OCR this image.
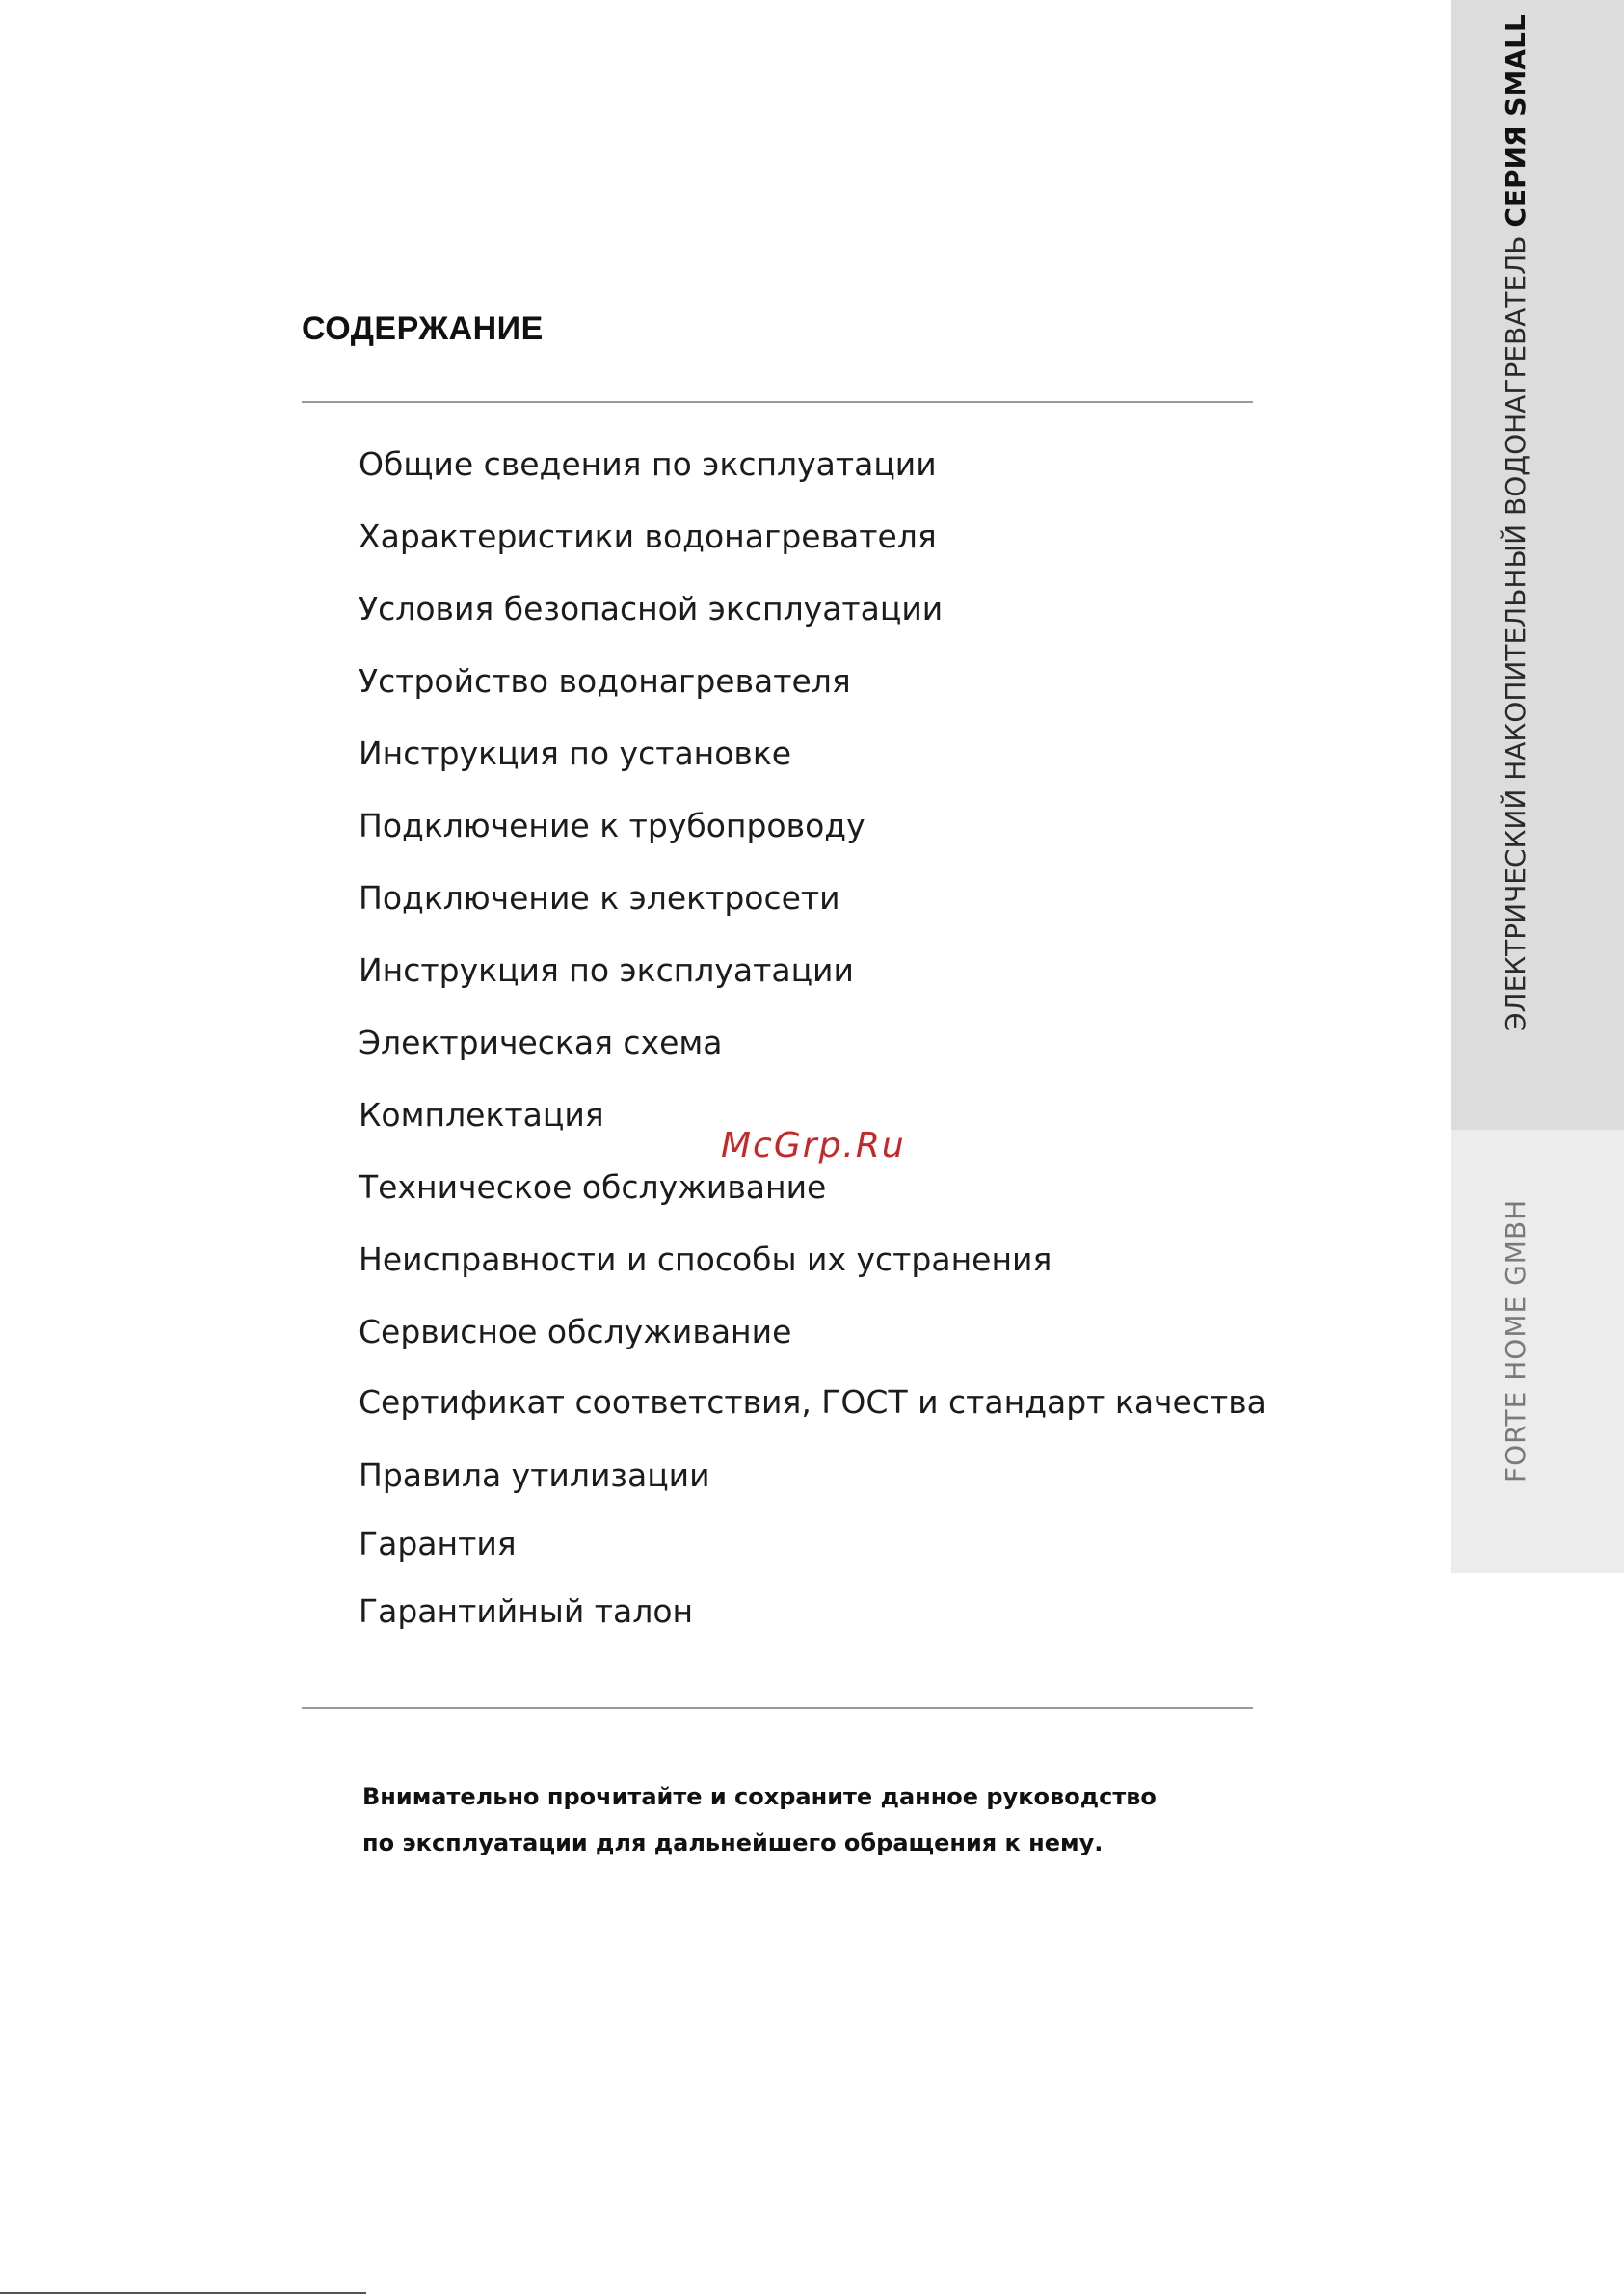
СОДЕРЖАНИЕ
Общие сведения по эксплуатации
Характеристики водонагревателя
Условия безопасной эксплуатации
Устройство водонагревателя
Инструкция по установке
Подключение к трубопроводу
Подключение к электросети
Инструкция по эксплуатации
Электрическая схема
Комплектация
Техническое обслуживание
Неисправности и способы их устранения
Сервисное обслуживание
Сертификат соответствия, ГОСТ и стандарт качества
Правила утилизации
Гарантия
Гарантийный талон
McGrp.Ru
Внимательно прочитайте и сохраните данное руководство
по эксплуатации для дальнейшего обращения к нему.
ЭЛЕКТРИЧЕСКИЙ НАКОПИТЕЛЬНЫЙ ВОДОНАГРЕВАТЕЛЬ СЕРИЯ SMALL
FORTE HOME GMBH
